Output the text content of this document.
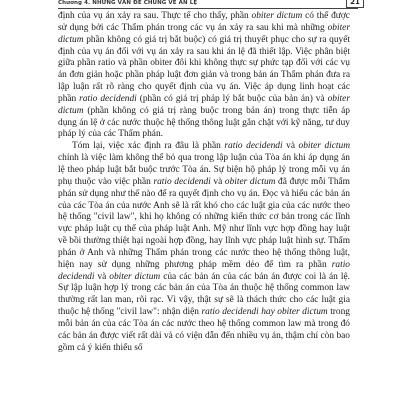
Chương 4. NHỮNG VẤN ĐỀ CHUNG VỀ ÁN LỆ	21

định của vụ án xảy ra sau. Thực tế cho thấy, phần obiter dictum có thể được sử dụng bởi các Thẩm phán trong các vụ án xảy ra sau khi mà những obiter dictum phần không có giá trị bắt buộc) có giá trị thuyết phục cho sự ra quyết định của vụ án đối với vụ án xảy ra sau khi án lệ đã thiết lập. Việc phân biệt giữa phần ratio và phần obiter đôi khi không thực sự phức tạp đối với các vụ án đơn giản hoặc phần pháp luật đơn giản và trong bản án Thẩm phán đưa ra lập luận rất rõ ràng cho quyết định của vụ án. Việc áp dụng linh hoạt các phần ratio decidendi (phần có giá trị pháp lý bắt buộc của bản án) và obiter dictum (phần không có giá trị ràng buộc trong bản án) trong thực tiễn áp dụng án lệ ở các nước thuộc hệ thống thông luật gắn chặt với kỹ năng, tư duy pháp lý của các Thẩm phán.

Tóm lại, việc xác định ra đâu là phần ratio decidendi và obiter dictum chính là việc làm không thể bỏ qua trong lập luận của Tòa án khi áp dụng án lệ theo pháp luật bắt buộc trước Tòa án. Sự biện hộ pháp lý trong mỗi vụ án phụ thuộc vào việc phần ratio decidendi và obiter dictum đã được mỗi Thẩm phán sử dụng như thế nào để ra quyết định cho vụ án. Đọc và hiểu các bản án của các Tòa án của nước Anh sẽ là rất khó cho các luật gia của các nước theo hệ thống "civil law", khi họ không có những kiến thức cơ bản trong các lĩnh vực pháp luật cụ thể của pháp luật Anh. Mỹ như lĩnh vực hợp đồng hay luật về bồi thường thiệt hại ngoài hợp đồng, hay lĩnh vực pháp luật hình sự. Thẩm phán ở Anh và những Thẩm phán trong các nước theo hệ thống thông luật, hiện nay sử dụng những phương pháp mềm dẻo để tìm ra phần ratio decidendi và obiter dictum của các bản án của các bản án được coi là án lệ. Sự lập luận hợp lý trong các bản án của Tòa án thuộc hệ thống common law thường rất lan man, rõi rạc. Vì vậy, thật sự sẽ là thách thức cho các luật gia thuộc hệ thống "civil law": nhận diện ratio decidendi hay obiter dictum trong mỗi bản án của các Tòa án các nước theo hệ thống common law mà trong đó các bản án được viết rất dài và có viện dẫn đến nhiều vụ án, thậm chí còn bao gồm cả ý kiến thiểu số
